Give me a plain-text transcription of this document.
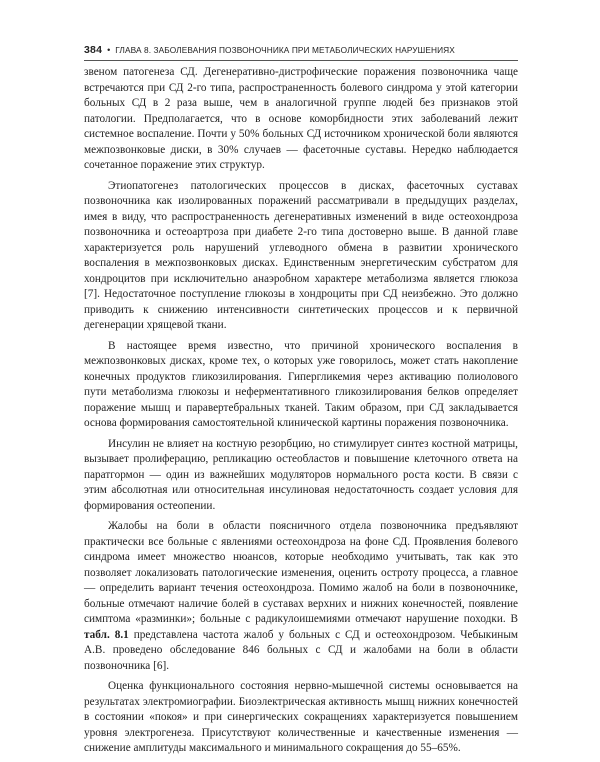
384 • ГЛАВА 8. ЗАБОЛЕВАНИЯ ПОЗВОНОЧНИКА ПРИ МЕТАБОЛИЧЕСКИХ НАРУШЕНИЯХ

звеном патогенеза СД. Дегенеративно-дистрофические поражения позвоночника чаще встречаются при СД 2-го типа, распространенность болевого синдрома у этой категории больных СД в 2 раза выше, чем в аналогичной группе людей без признаков этой патологии. Предполагается, что в основе коморбидности этих заболеваний лежит системное воспаление. Почти у 50% больных СД источником хронической боли являются межпозвонковые диски, в 30% случаев — фасеточные суставы. Нередко наблюдается сочетанное поражение этих структур.

Этиопатогенез патологических процессов в дисках, фасеточных суставах позвоночника как изолированных поражений рассматривали в предыдущих разделах, имея в виду, что распространенность дегенеративных изменений в виде остеохондроза позвоночника и остеоартроза при диабете 2-го типа достоверно выше. В данной главе характеризуется роль нарушений углеводного обмена в развитии хронического воспаления в межпозвонковых дисках. Единственным энергетическим субстратом для хондроцитов при исключительно анаэробном характере метаболизма является глюкоза [7]. Недостаточное поступление глюкозы в хондроциты при СД неизбежно. Это должно приводить к снижению интенсивности синтетических процессов и к первичной дегенерации хрящевой ткани.

В настоящее время известно, что причиной хронического воспаления в межпозвонковых дисках, кроме тех, о которых уже говорилось, может стать накопление конечных продуктов гликозилирования. Гипергликемия через активацию полиолового пути метаболизма глюкозы и неферментативного гликозилирования белков определяет поражение мышц и паравертебральных тканей. Таким образом, при СД закладывается основа формирования самостоятельной клинической картины поражения позвоночника.

Инсулин не влияет на костную резорбцию, но стимулирует синтез костной матрицы, вызывает пролиферацию, репликацию остеобластов и повышение клеточного ответа на паратгормон — один из важнейших модуляторов нормального роста кости. В связи с этим абсолютная или относительная инсулиновая недостаточность создает условия для формирования остеопении.

Жалобы на боли в области поясничного отдела позвоночника предъявляют практически все больные с явлениями остеохондроза на фоне СД. Проявления болевого синдрома имеет множество нюансов, которые необходимо учитывать, так как это позволяет локализовать патологические изменения, оценить остроту процесса, а главное — определить вариант течения остеохондроза. Помимо жалоб на боли в позвоночнике, больные отмечают наличие болей в суставах верхних и нижних конечностей, появление симптома «разминки»; больные с радикулоишемиями отмечают нарушение походки. В табл. 8.1 представлена частота жалоб у больных с СД и остеохондрозом. Чебыкиным А.В. проведено обследование 846 больных с СД и жалобами на боли в области позвоночника [6].

Оценка функционального состояния нервно-мышечной системы основывается на результатах электромиографии. Биоэлектрическая активность мышц нижних конечностей в состоянии «покоя» и при синергических сокращениях характеризуется повышением уровня электрогенеза. Присутствуют количественные и качественные изменения — снижение амплитуды максимального и минимального сокращения до 55–65%.
